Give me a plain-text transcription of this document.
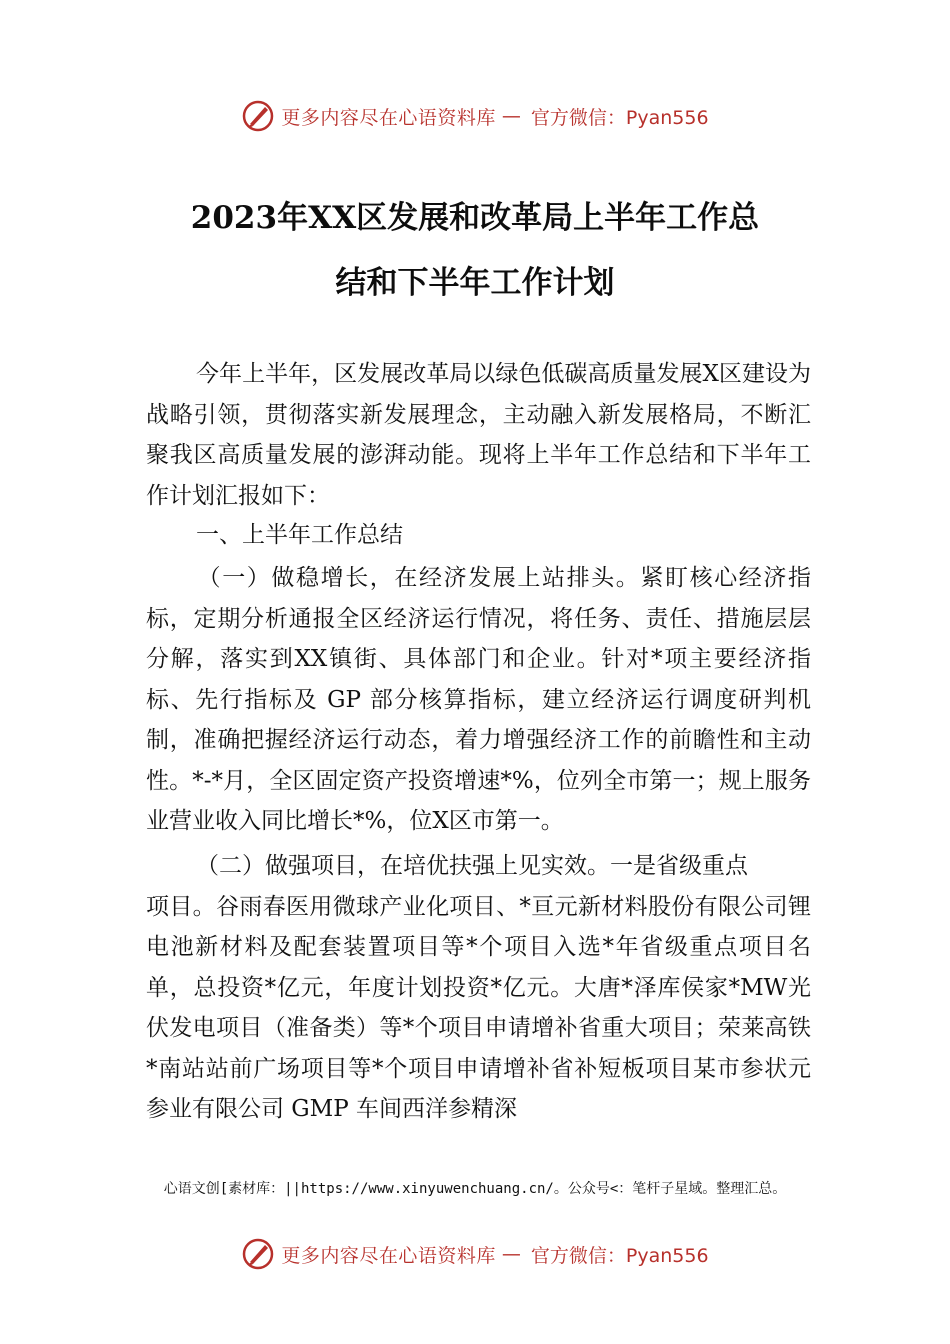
更多内容尽在心语资料库 — 官方微信：Pyan556
2023年XX区发展和改革局上半年工作总
结和下半年工作计划
今年上半年，区发展改革局以绿色低碳高质量发展X区建设为战略引领，贯彻落实新发展理念，主动融入新发展格局，不断汇聚我区高质量发展的澎湃动能。现将上半年工作总结和下半年工作计划汇报如下：
一、上半年工作总结
（一）做稳增长，在经济发展上站排头。紧盯核心经济指标，定期分析通报全区经济运行情况，将任务、责任、措施层层分解，落实到XX镇街、具体部门和企业。针对*项主要经济指标、先行指标及 GP 部分核算指标，建立经济运行调度研判机制，准确把握经济运行动态，着力增强经济工作的前瞻性和主动性。*-*月，全区固定资产投资增速*%，位列全市第一；规上服务业营业收入同比增长*%，位X区市第一。
（二）做强项目，在培优扶强上见实效。一是省级重点
项目。谷雨春医用微球产业化项目、*亘元新材料股份有限公司锂电池新材料及配套装置项目等*个项目入选*年省级重点项目名单，总投资*亿元，年度计划投资*亿元。大唐*泽库侯家*MW光伏发电项目（准备类）等*个项目申请增补省重大项目；荣莱高铁*南站站前广场项目等*个项目申请增补省补短板项目某市参状元参业有限公司 GMP 车间西洋参精深
心语文创[素材库：||https://www.xinyuwenchuang.cn/。公众号<：笔杆子星域。整理汇总。
更多内容尽在心语资料库 — 官方微信：Pyan556
